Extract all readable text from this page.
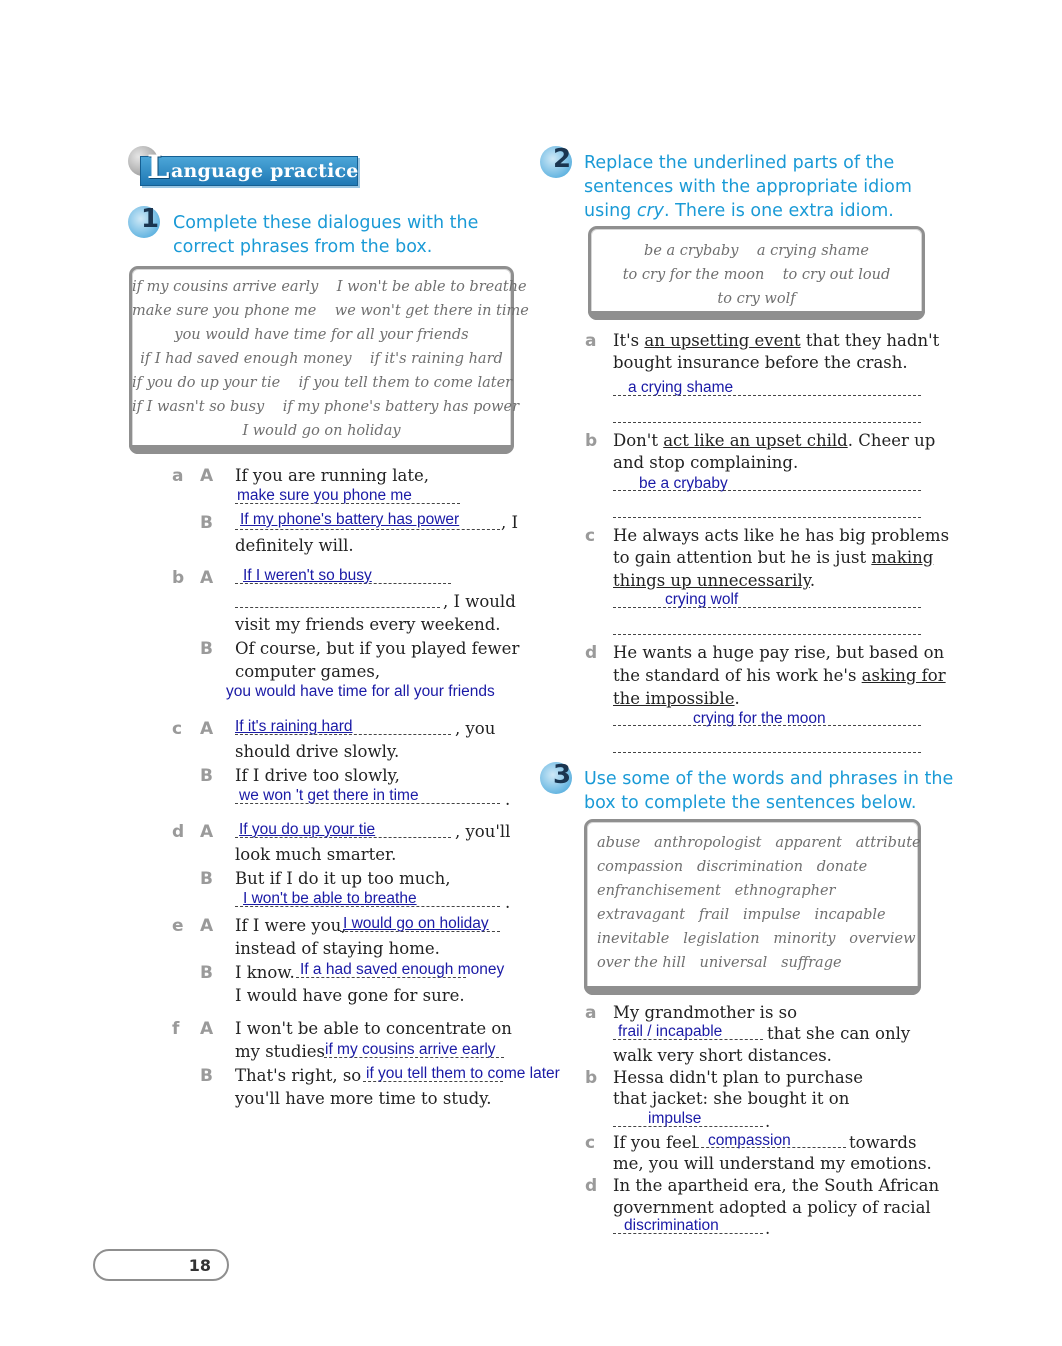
L anguage practice
1 Complete these dialogues with the
correct phrases from the box.
if my cousins arrive early I won't be able to breathe
make sure you phone me we won't get there in time
you would have time for all your friends
if I had saved enough money if it's raining hard
if you do up your tie if you tell them to come later
if I wasn't so busy if my phone's battery has power
I would go on holiday
a A If you are running late,
make sure you phone me
B If my phone's battery has power	, I
definitely will.
b A If I weren't so busy
, I would
visit my friends every weekend.
B Of course, but if you played fewer
computer games,
you would have time for all your friends
c A If it's raining hard	, you
should drive slowly.
B If I drive too slowly,
we won 't get there in time	.
d A If you do up your tie	, you'll
look much smarter.
B But if I do it up too much,
I won't be able to breathe	.
e A If I were you,
I would go on holiday
instead of staying home.
B I know. If a had saved enough money
I would have gone for sure.
f A I won't be able to concentrate on
my studies if my cousins arrive early
B That's right, so if you tell them to come later
you'll have more time to study.
2 Replace the underlined parts of the
sentences with the appropriate idiom
using cry. There is one extra idiom.
be a crybaby a crying shame
to cry for the moon to cry out loud
to cry wolf
a It's an upsetting event that they hadn't
bought insurance before the crash.
a crying shame
b Don't act like an upset child. Cheer up
and stop complaining.
be a crybaby
c He always acts like he has big problems
to gain attention but he is just making
things up unnecessarily.
crying wolf
d He wants a huge pay rise, but based on
the standard of his work he's asking for
the impossible.
crying for the moon
3 Use some of the words and phrases in the
box to complete the sentences below.
abuse anthropologist apparent attribute
compassion discrimination donate
enfranchisement ethnographer
extravagant frail impulse incapable
inevitable legislation minority overview
over the hill universal suffrage
a My grandmother is so
frail / incapable	that she can only
walk very short distances.
b Hessa didn't plan to purchase
that jacket: she bought it on
impulse	.
c If you feel compassion	towards
me, you will understand my emotions.
d In the apartheid era, the South African
government adopted a policy of racial
discrimination	.
18
